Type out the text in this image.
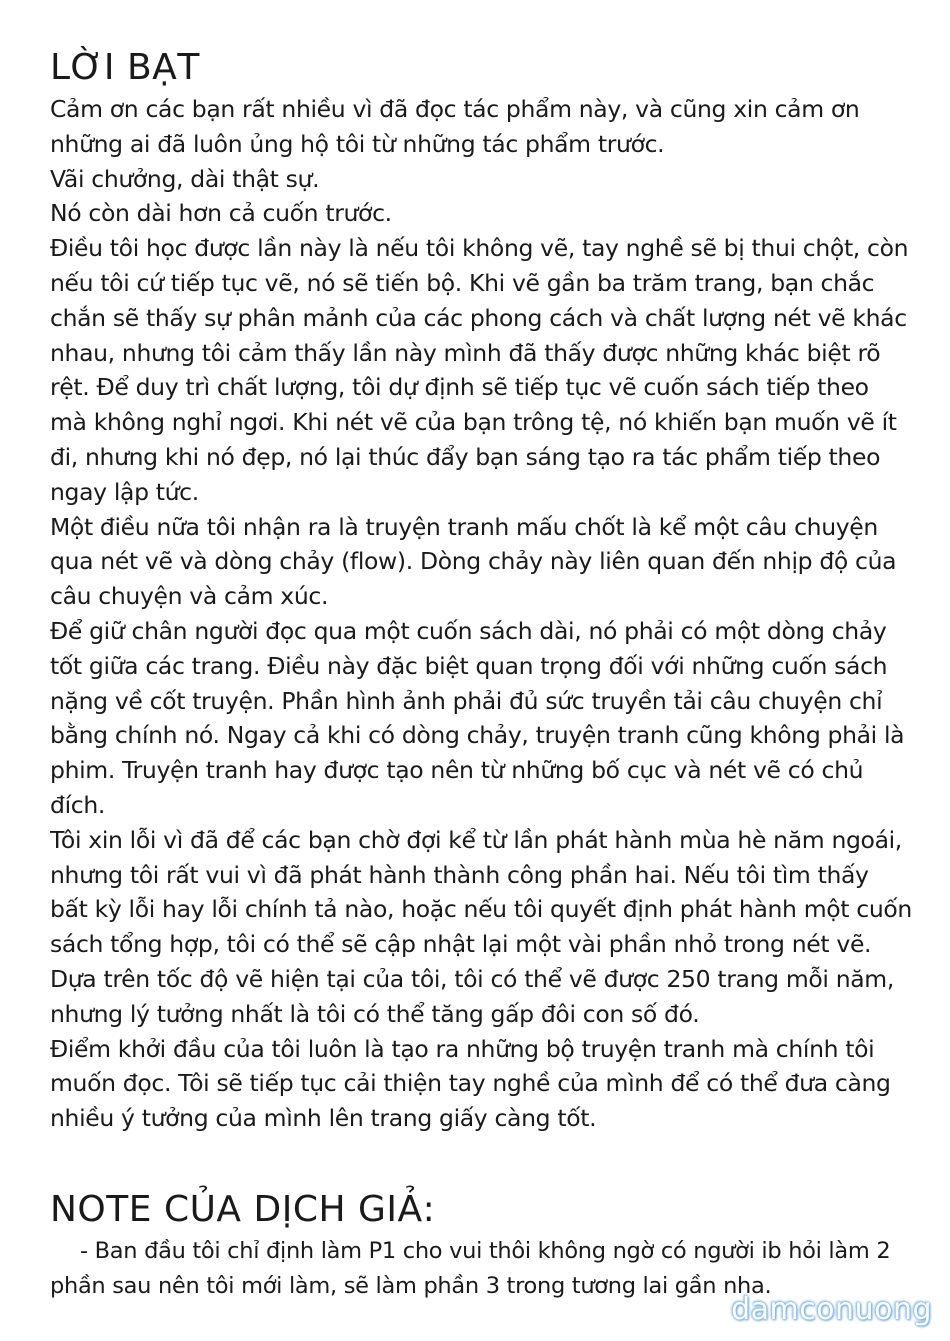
LỜI BẠT

Cảm ơn các bạn rất nhiều vì đã đọc tác phẩm này, và cũng xin cảm ơn những ai đã luôn ủng hộ tôi từ những tác phẩm trước.

Vãi chưởng, dài thật sự.

Nó còn dài hơn cả cuốn trước.

Điều tôi học được lần này là nếu tôi không vẽ, tay nghề sẽ bị thui chột, còn nếu tôi cứ tiếp tục vẽ, nó sẽ tiến bộ. Khi vẽ gần ba trăm trang, bạn chắc chắn sẽ thấy sự phân mảnh của các phong cách và chất lượng nét vẽ khác nhau, nhưng tôi cảm thấy lần này mình đã thấy được những khác biệt rõ rệt. Để duy trì chất lượng, tôi dự định sẽ tiếp tục vẽ cuốn sách tiếp theo mà không nghỉ ngơi. Khi nét vẽ của bạn trông tệ, nó khiến bạn muốn vẽ ít đi, nhưng khi nó đẹp, nó lại thúc đẩy bạn sáng tạo ra tác phẩm tiếp theo ngay lập tức.

Một điều nữa tôi nhận ra là truyện tranh mấu chốt là kể một câu chuyện qua nét vẽ và dòng chảy (flow). Dòng chảy này liên quan đến nhịp độ của câu chuyện và cảm xúc.

Để giữ chân người đọc qua một cuốn sách dài, nó phải có một dòng chảy tốt giữa các trang. Điều này đặc biệt quan trọng đối với những cuốn sách nặng về cốt truyện. Phần hình ảnh phải đủ sức truyền tải câu chuyện chỉ bằng chính nó. Ngay cả khi có dòng chảy, truyện tranh cũng không phải là phim. Truyện tranh hay được tạo nên từ những bố cục và nét vẽ có chủ đích.

Tôi xin lỗi vì đã để các bạn chờ đợi kể từ lần phát hành mùa hè năm ngoái, nhưng tôi rất vui vì đã phát hành thành công phần hai. Nếu tôi tìm thấy bất kỳ lỗi hay lỗi chính tả nào, hoặc nếu tôi quyết định phát hành một cuốn sách tổng hợp, tôi có thể sẽ cập nhật lại một vài phần nhỏ trong nét vẽ.

Dựa trên tốc độ vẽ hiện tại của tôi, tôi có thể vẽ được 250 trang mỗi năm, nhưng lý tưởng nhất là tôi có thể tăng gấp đôi con số đó.

Điểm khởi đầu của tôi luôn là tạo ra những bộ truyện tranh mà chính tôi muốn đọc. Tôi sẽ tiếp tục cải thiện tay nghề của mình để có thể đưa càng nhiều ý tưởng của mình lên trang giấy càng tốt.

NOTE CỦA DỊCH GIẢ:

- Ban đầu tôi chỉ định làm P1 cho vui thôi không ngờ có người ib hỏi làm 2 phần sau nên tôi mới làm, sẽ làm phần 3 trong tương lai gần nha.

damconuong
